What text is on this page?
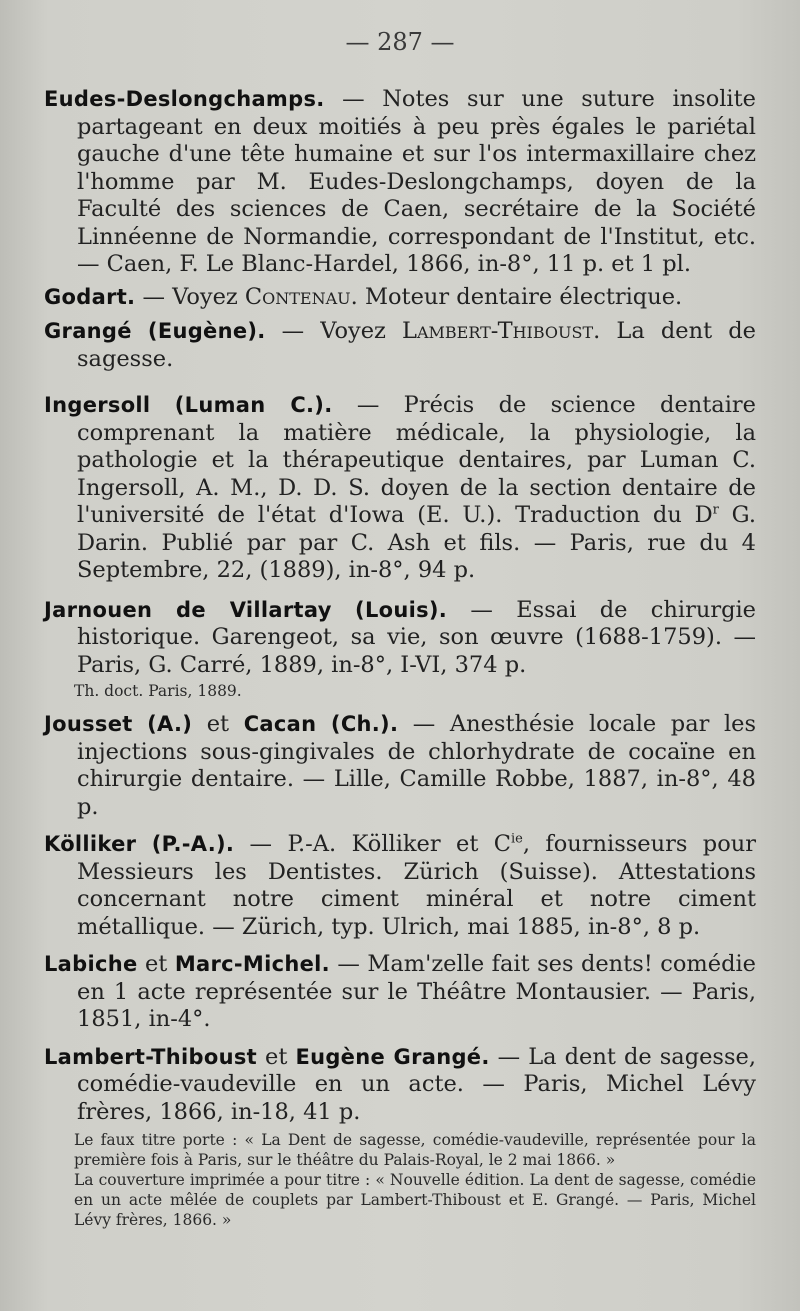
— 287 —

Eudes-Deslongchamps. — Notes sur une suture insolite partageant en deux moitiés à peu près égales le pariétal gauche d'une tête humaine et sur l'os intermaxillaire chez l'homme par M. Eudes-Deslongchamps, doyen de la Faculté des sciences de Caen, secrétaire de la Société Linnéenne de Normandie, correspondant de l'Institut, etc. — Caen, F. Le Blanc-Hardel, 1866, in-8°, 11 p. et 1 pl.

Godart. — Voyez Contenau. Moteur dentaire électrique.

Grangé (Eugène). — Voyez Lambert-Thiboust. La dent de sagesse.

Ingersoll (Luman C.). — Précis de science dentaire comprenant la matière médicale, la physiologie, la pathologie et la thérapeutique dentaires, par Luman C. Ingersoll, A. M., D. D. S. doyen de la section dentaire de l'université de l'état d'Iowa (E. U.). Traduction du $D^r$ G. Darin. Publié par par C. Ash et fils. — Paris, rue du 4 Septembre, 22, (1889), in-8°, 94 p.

Jarnouen de Villartay (Louis). — Essai de chirurgie historique. Garengeot, sa vie, son œuvre (1688-1759). — Paris, G. Carré, 1889, in-8°, I-VI, 374 p.

Th. doct. Paris, 1889.

Jousset (A.) et Cacan (Ch.). — Anesthésie locale par les injections sous-gingivales de chlorhydrate de cocaïne en chirurgie dentaire. — Lille, Camille Robbe, 1887, in-8°, 48 p.

Kölliker (P.-A.). — P.-A. Kölliker et $C^{ie}$, fournisseurs pour Messieurs les Dentistes. Zürich (Suisse). Attestations concernant notre ciment minéral et notre ciment métallique. — Zürich, typ. Ulrich, mai 1885, in-8°, 8 p.

Labiche et Marc-Michel. — Mam'zelle fait ses dents! comédie en 1 acte représentée sur le Théâtre Montausier. — Paris, 1851, in-4°.

Lambert-Thiboust et Eugène Grangé. — La dent de sagesse, comédie-vaudeville en un acte. — Paris, Michel Lévy frères, 1866, in-18, 41 p.

Le faux titre porte : « La Dent de sagesse, comédie-vaudeville, représentée pour la première fois à Paris, sur le théâtre du Palais-Royal, le 2 mai 1866. »

La couverture imprimée a pour titre : « Nouvelle édition. La dent de sagesse, comédie en un acte mêlée de couplets par Lambert-Thiboust et E. Grangé. — Paris, Michel Lévy frères, 1866. »
